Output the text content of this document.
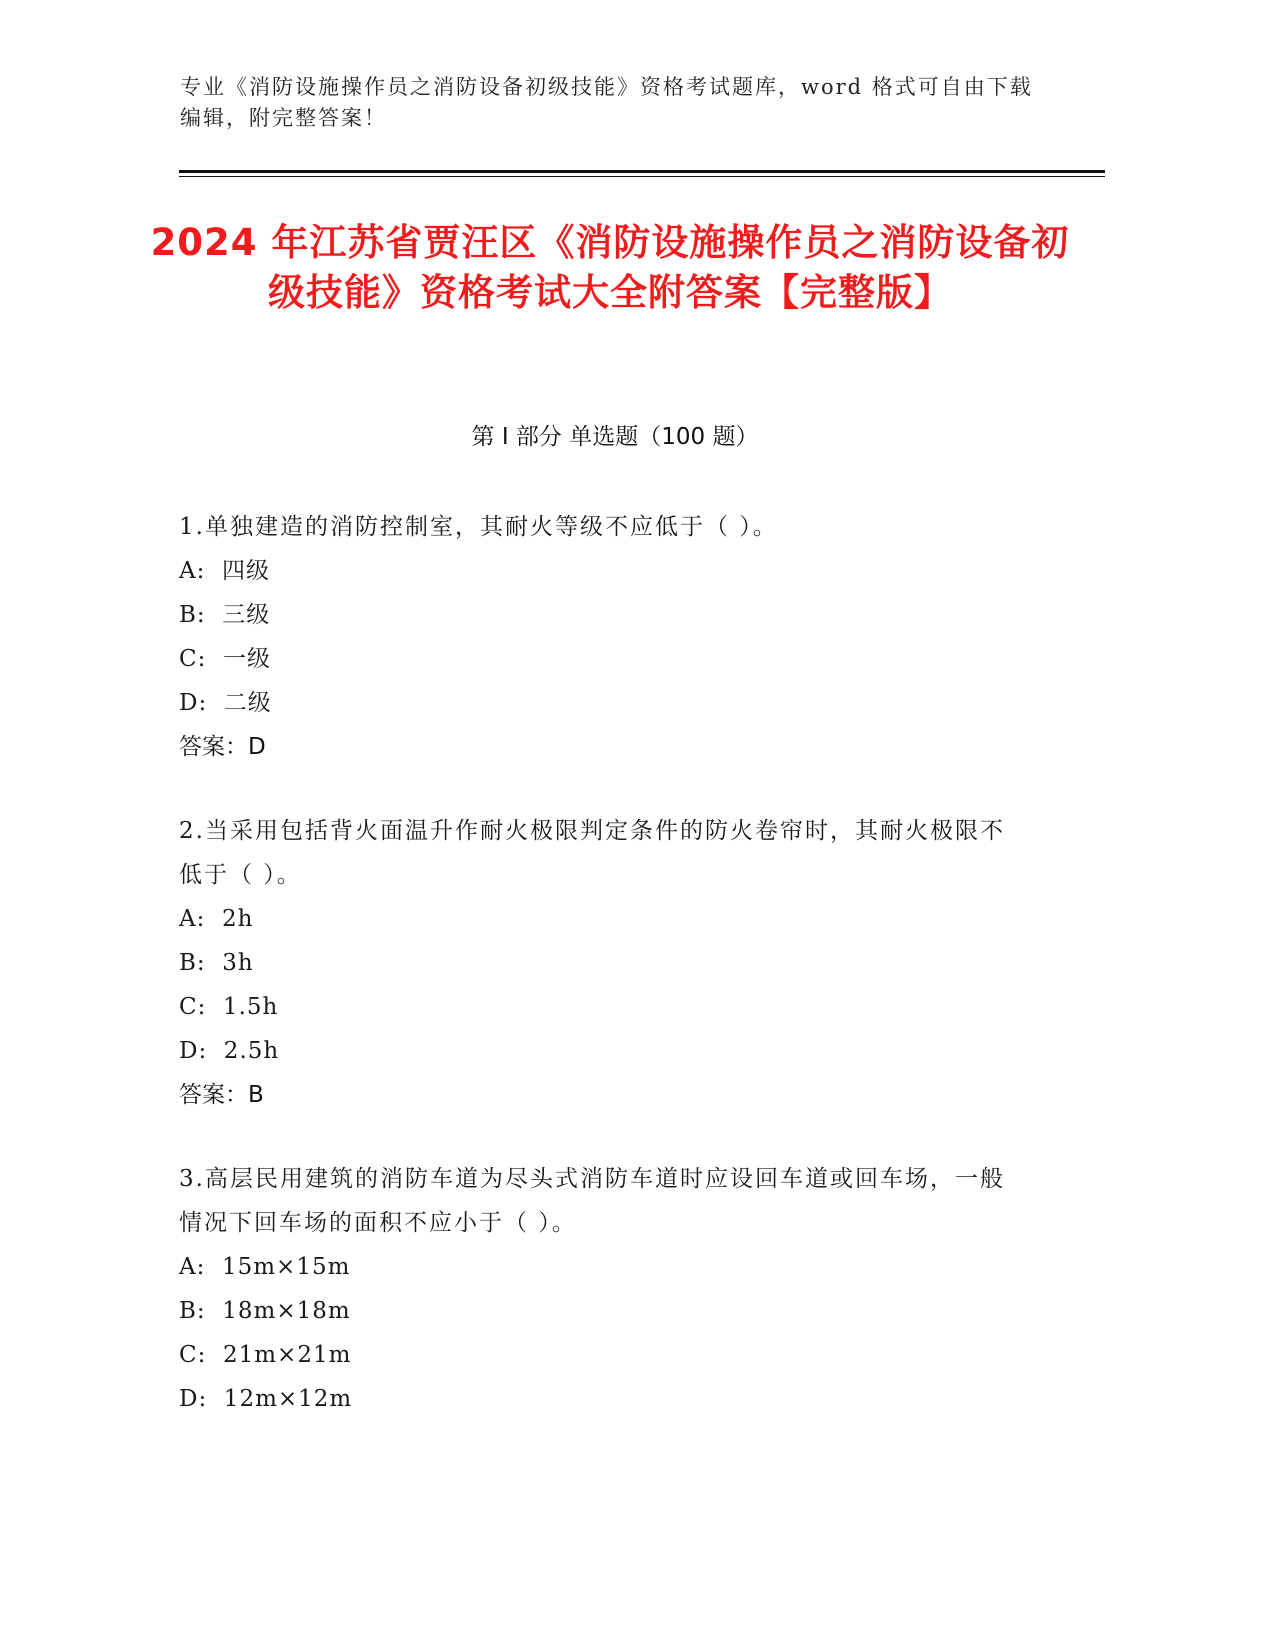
专业《消防设施操作员之消防设备初级技能》资格考试题库，word 格式可自由下载编辑，附完整答案！
2024 年江苏省贾汪区《消防设施操作员之消防设备初级技能》资格考试大全附答案【完整版】
第 I 部分 单选题（100 题）

1.单独建造的消防控制室，其耐火等级不应低于（ ）。

A:  四级

B:  三级

C:  一级

D:  二级

答案：D

2.当采用包括背火面温升作耐火极限判定条件的防火卷帘时，其耐火极限不低于（ ）。

A:  2h

B:  3h

C:  1.5h

D:  2.5h

答案：B

3.高层民用建筑的消防车道为尽头式消防车道时应设回车道或回车场，一般情况下回车场的面积不应小于（ ）。

A:  15m×15m

B:  18m×18m

C:  21m×21m

D:  12m×12m
